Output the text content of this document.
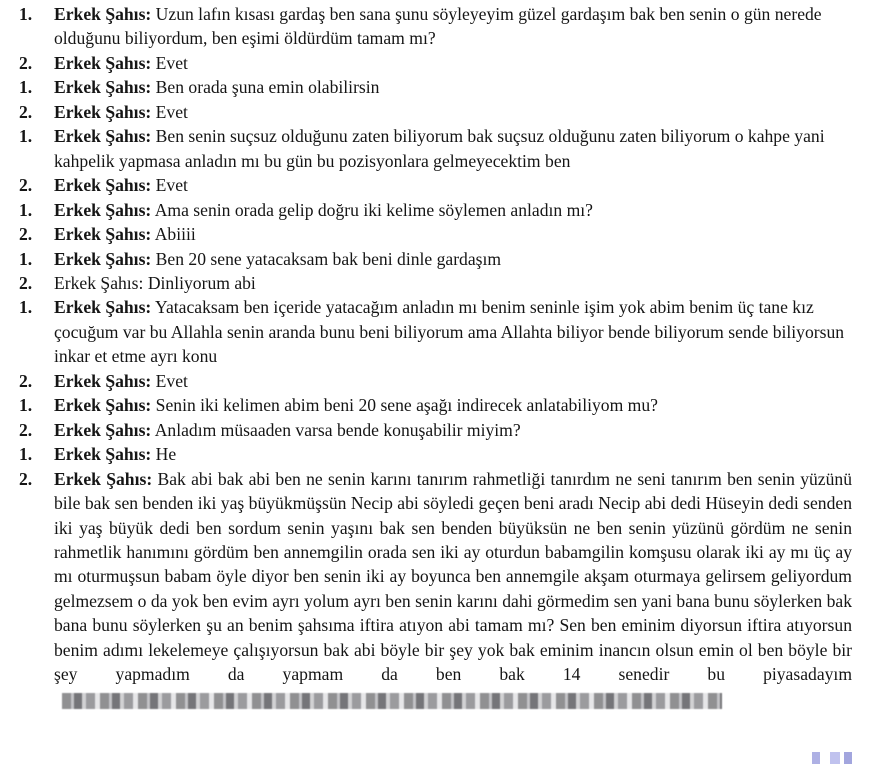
1.	Erkek Şahıs: Uzun lafın kısası gardaş ben sana şunu söyleyeyim güzel gardaşım bak ben senin o gün nerede olduğunu biliyordum, ben eşimi öldürdüm tamam mı?
2.	Erkek Şahıs: Evet
1.	Erkek Şahıs: Ben orada şuna emin olabilirsin
2.	Erkek Şahıs: Evet
1.	Erkek Şahıs: Ben senin suçsuz olduğunu zaten biliyorum bak suçsuz olduğunu zaten biliyorum o kahpe yani kahpelik yapmasa anladın mı bu gün bu pozisyonlara gelmeyecektim ben
2.	Erkek Şahıs: Evet
1.	Erkek Şahıs: Ama senin orada gelip doğru iki kelime söylemen anladın mı?
2.	Erkek Şahıs: Abiiii
1.	Erkek Şahıs: Ben 20 sene yatacaksam bak beni dinle gardaşım
2.	Erkek Şahıs: Dinliyorum abi
1.	Erkek Şahıs: Yatacaksam ben içeride yatacağım anladın mı benim seninle işim yok abim benim üç tane kız çocuğum var bu Allahla senin aranda bunu beni biliyorum ama Allahta biliyor bende biliyorum sende biliyorsun inkar et etme ayrı konu
2.	Erkek Şahıs: Evet
1.	Erkek Şahıs: Senin iki kelimen abim beni 20 sene aşağı indirecek anlatabiliyom mu?
2.	Erkek Şahıs: Anladım müsaaden varsa bende konuşabilir miyim?
1.	Erkek Şahıs: He
2.	Erkek Şahıs: Bak abi bak abi ben ne senin karını tanırım rahmetliği tanırdım ne seni tanırım ben senin yüzünü bile bak sen benden iki yaş büyükmüşsün Necip abi söyledi geçen beni aradı Necip abi dedi Hüseyin dedi senden iki yaş büyük dedi ben sordum senin yaşını bak sen benden büyüksün ne ben senin yüzünü gördüm ne senin rahmetlik hanımını gördüm ben annemgilin orada sen iki ay oturdun babamgilin komşusu olarak iki ay mı üç ay mı oturmuşsun babam öyle diyor ben senin iki ay boyunca ben annemgile akşam oturmaya gelirsem geliyordum gelmezsem o da yok ben evim ayrı yolum ayrı ben senin karını dahi görmedim sen yani bana bunu söylerken bak bana bunu söylerken şu an benim şahsıma iftira atıyon abi tamam mı? Sen ben eminim diyorsun iftira atıyorsun benim adımı lekelemeye çalışıyorsun bak abi böyle bir şey yok bak eminim inancın olsun emin ol ben böyle bir şey yapmadım da yapmam da ben bak 14 senedir bu piyasadayım
